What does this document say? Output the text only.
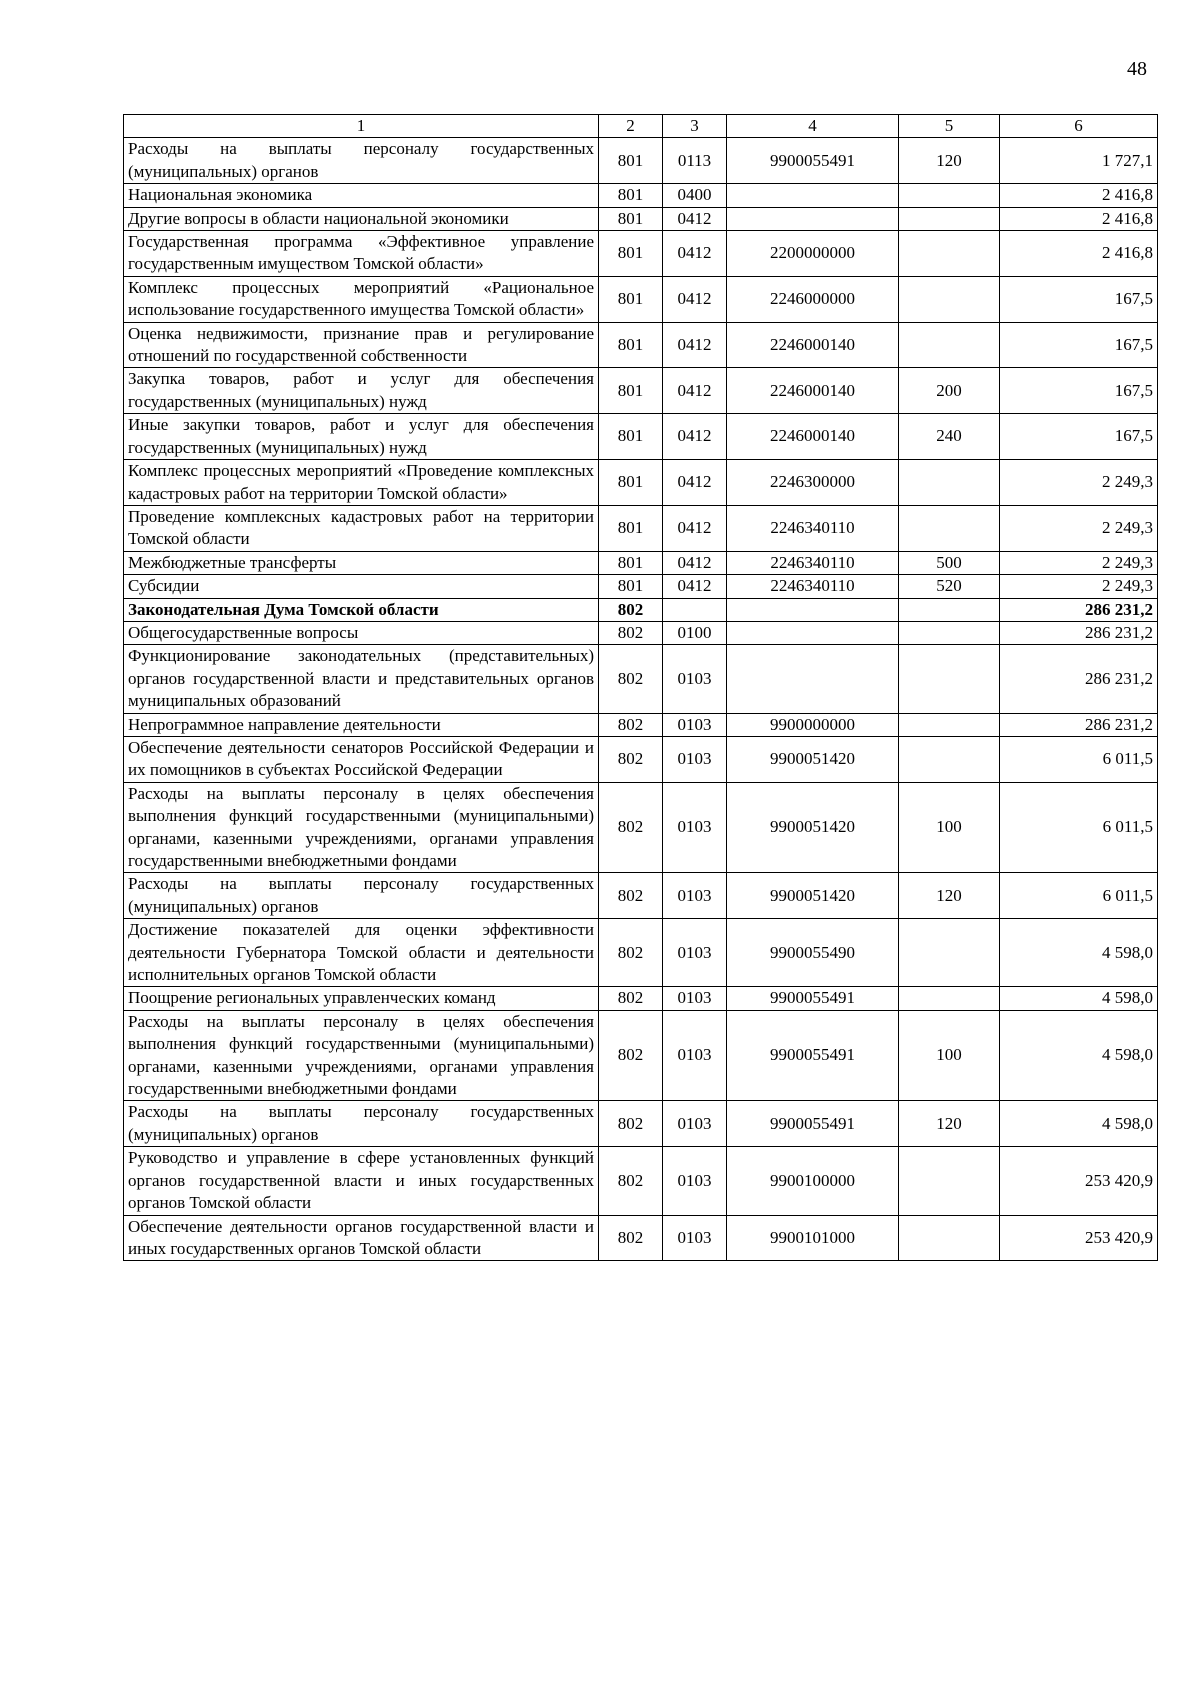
48
1	2	3	4	5	6
Расходы на выплаты персоналу государственных (муниципальных) органов	801	0113	9900055491	120	1 727,1
Национальная экономика	801	0400			2 416,8
Другие вопросы в области национальной экономики	801	0412			2 416,8
Государственная программа «Эффективное управление государственным имуществом Томской области»	801	0412	2200000000		2 416,8
Комплекс процессных мероприятий «Рациональное использование государственного имущества Томской области»	801	0412	2246000000		167,5
Оценка недвижимости, признание прав и регулирование отношений по государственной собственности	801	0412	2246000140		167,5
Закупка товаров, работ и услуг для обеспечения государственных (муниципальных) нужд	801	0412	2246000140	200	167,5
Иные закупки товаров, работ и услуг для обеспечения государственных (муниципальных) нужд	801	0412	2246000140	240	167,5
Комплекс процессных мероприятий «Проведение комплексных кадастровых работ на территории Томской области»	801	0412	2246300000		2 249,3
Проведение комплексных кадастровых работ на территории Томской области	801	0412	2246340110		2 249,3
Межбюджетные трансферты	801	0412	2246340110	500	2 249,3
Субсидии	801	0412	2246340110	520	2 249,3
Законодательная Дума Томской области	802				286 231,2
Общегосударственные вопросы	802	0100			286 231,2
Функционирование законодательных (представительных) органов государственной власти и представительных органов муниципальных образований	802	0103			286 231,2
Непрограммное направление деятельности	802	0103	9900000000		286 231,2
Обеспечение деятельности сенаторов Российской Федерации и их помощников в субъектах Российской Федерации	802	0103	9900051420		6 011,5
Расходы на выплаты персоналу в целях обеспечения выполнения функций государственными (муниципальными) органами, казенными учреждениями, органами управления государственными внебюджетными фондами	802	0103	9900051420	100	6 011,5
Расходы на выплаты персоналу государственных (муниципальных) органов	802	0103	9900051420	120	6 011,5
Достижение показателей для оценки эффективности деятельности Губернатора Томской области и деятельности исполнительных органов Томской области	802	0103	9900055490		4 598,0
Поощрение региональных управленческих команд	802	0103	9900055491		4 598,0
Расходы на выплаты персоналу в целях обеспечения выполнения функций государственными (муниципальными) органами, казенными учреждениями, органами управления государственными внебюджетными фондами	802	0103	9900055491	100	4 598,0
Расходы на выплаты персоналу государственных (муниципальных) органов	802	0103	9900055491	120	4 598,0
Руководство и управление в сфере установленных функций органов государственной власти и иных государственных органов Томской области	802	0103	9900100000		253 420,9
Обеспечение деятельности органов государственной власти и иных государственных органов Томской области	802	0103	9900101000		253 420,9
